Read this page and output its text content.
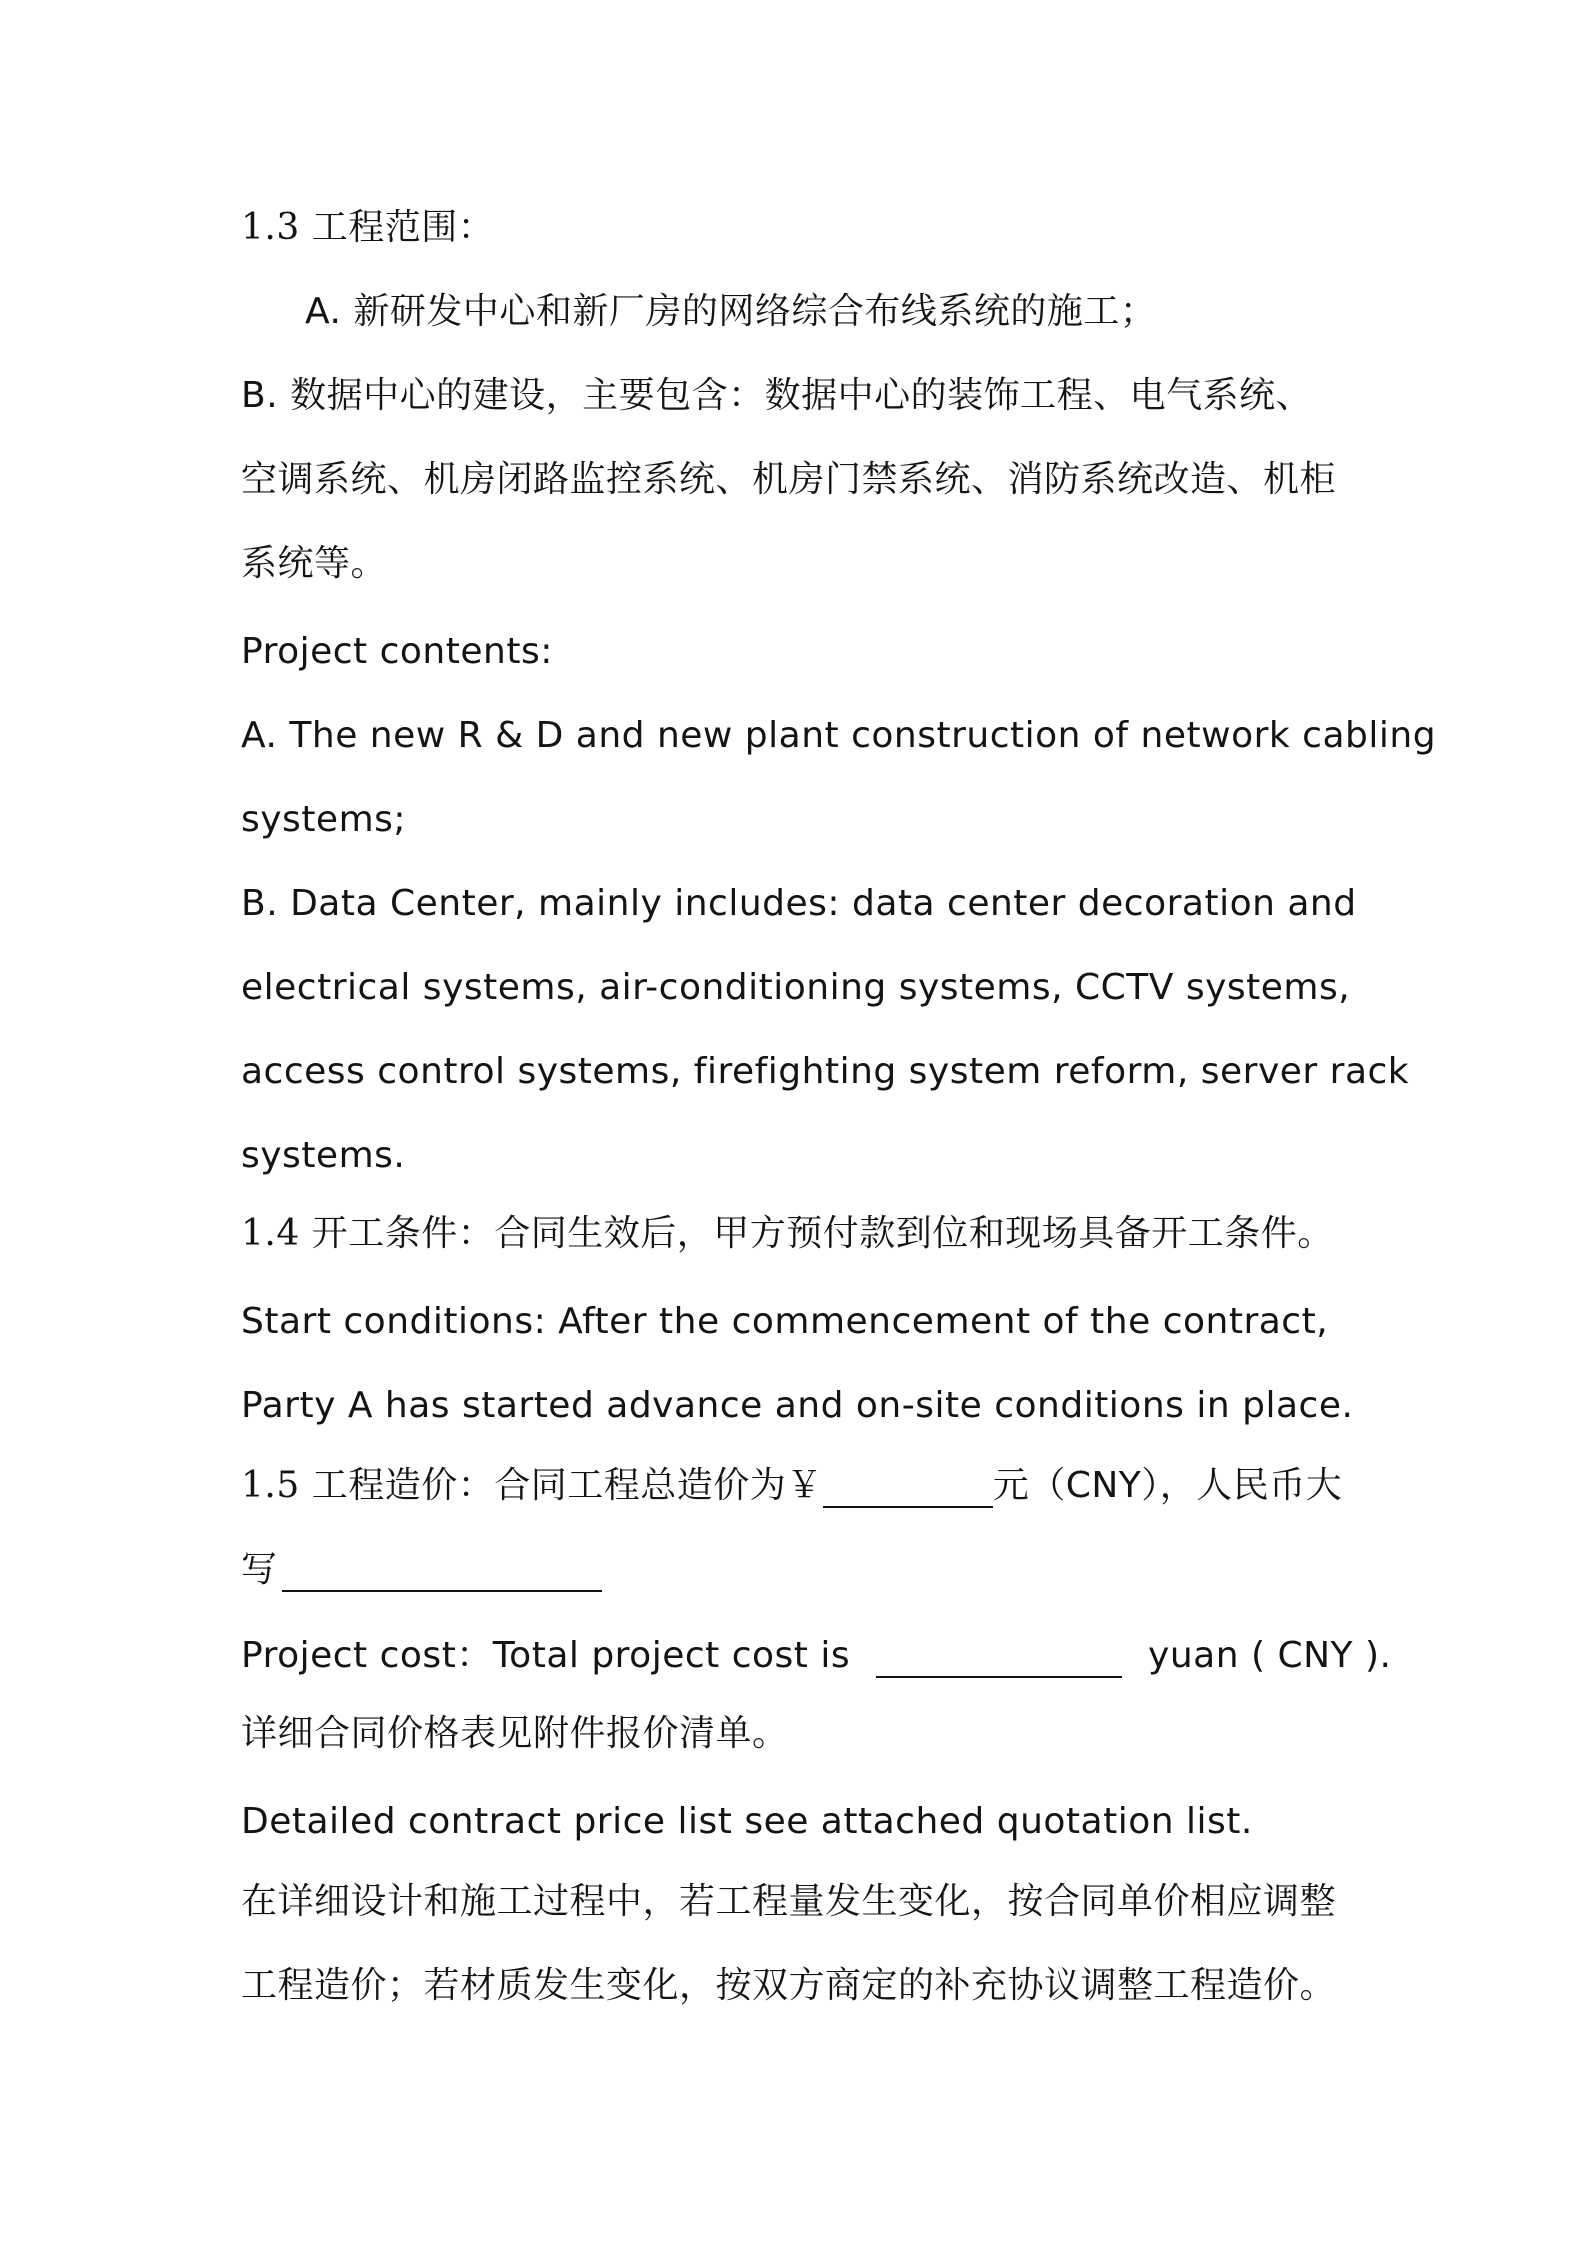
1.3 工程范围：
A. 新研发中心和新厂房的网络综合布线系统的施工；
B. 数据中心的建设，主要包含：数据中心的装饰工程、电气系统、
空调系统、机房闭路监控系统、机房门禁系统、消防系统改造、机柜
系统等。
Project contents:
A. The new R & D and new plant construction of network cabling
systems;
B. Data Center, mainly includes: data center decoration and
electrical systems, air-conditioning systems, CCTV systems,
access control systems, firefighting system reform, server rack
systems.
1.4 开工条件：合同生效后，甲方预付款到位和现场具备开工条件。
Start conditions: After the commencement of the contract,
Party A has started advance and on-site conditions in place.
1.5 工程造价：合同工程总造价为￥	元（CNY），人民币大
写
Project cost：Total project cost is	yuan ( CNY ).
详细合同价格表见附件报价清单。
Detailed contract price list see attached quotation list.
在详细设计和施工过程中，若工程量发生变化，按合同单价相应调整
工程造价；若材质发生变化，按双方商定的补充协议调整工程造价。
